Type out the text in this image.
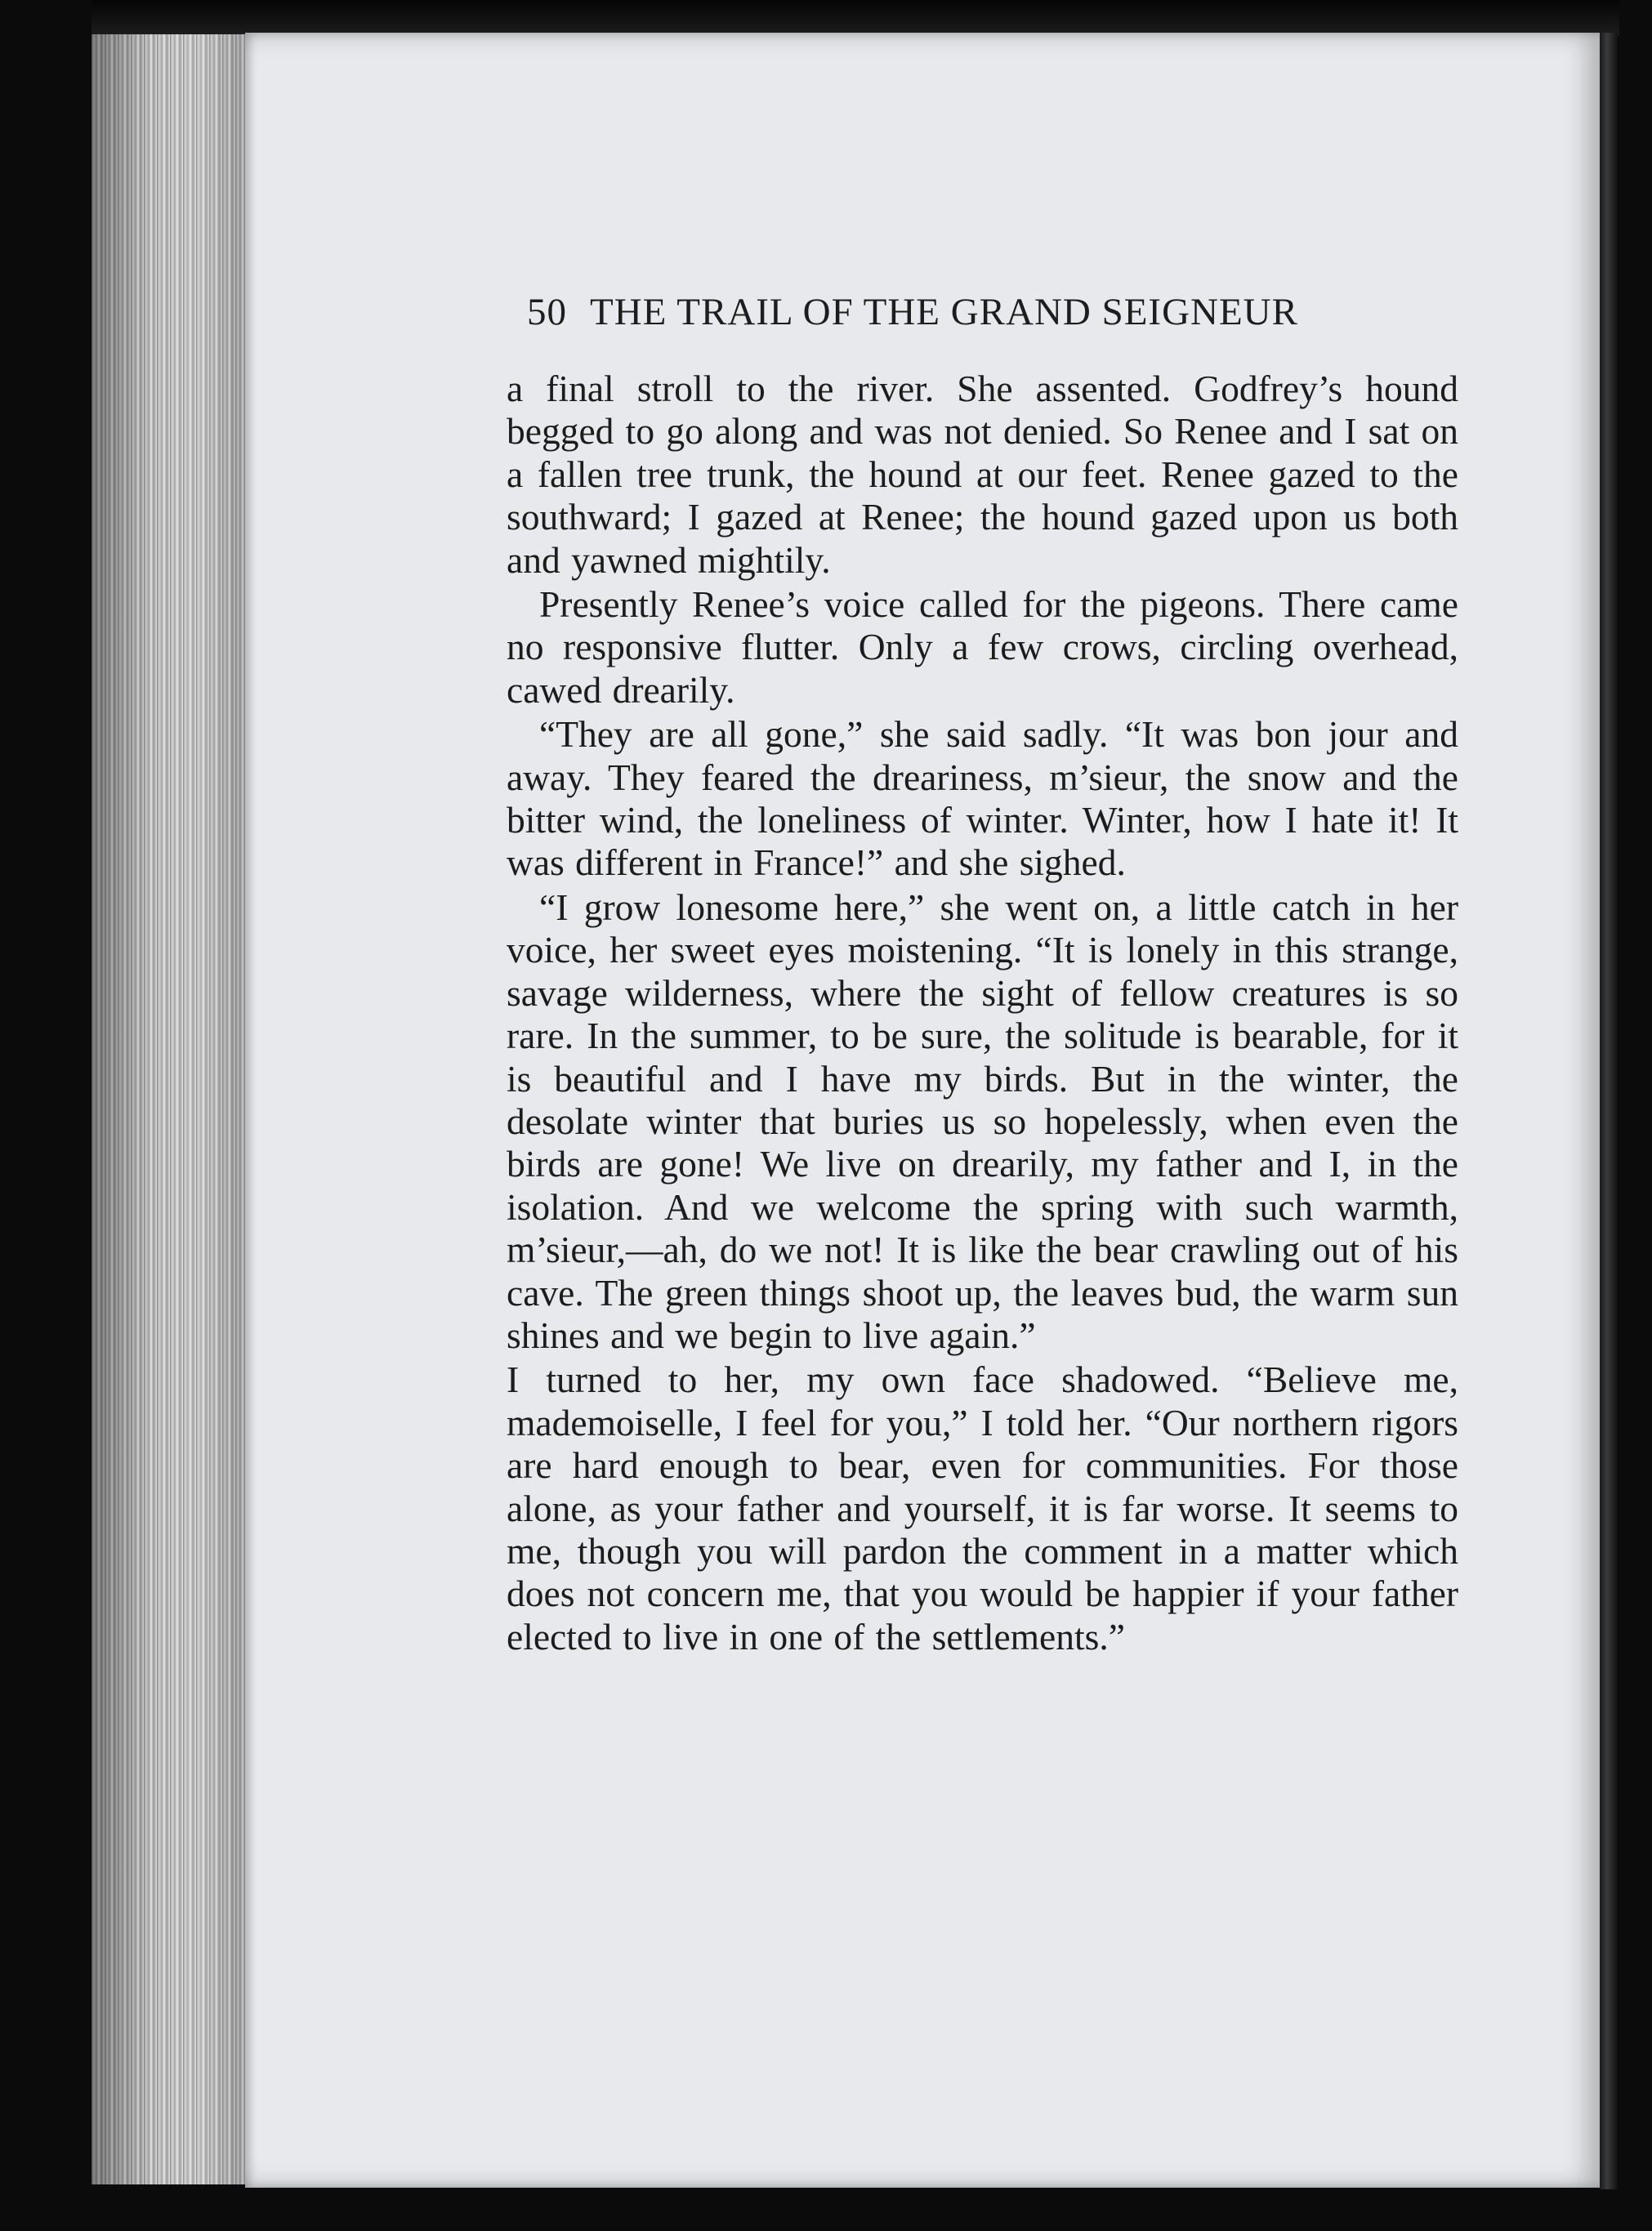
50 THE TRAIL OF THE GRAND SEIGNEUR

a final stroll to the river. She assented. Godfrey’s hound begged to go along and was not denied. So Renee and I sat on a fallen tree trunk, the hound at our feet. Renee gazed to the southward; I gazed at Renee; the hound gazed upon us both and yawned mightily.

Presently Renee’s voice called for the pigeons. There came no responsive flutter. Only a few crows, circling overhead, cawed drearily.

“They are all gone,” she said sadly. “It was bon jour and away. They feared the dreariness, m’sieur, the snow and the bitter wind, the loneliness of winter. Winter, how I hate it! It was different in France!” and she sighed.

“I grow lonesome here,” she went on, a little catch in her voice, her sweet eyes moistening. “It is lonely in this strange, savage wilderness, where the sight of fellow creatures is so rare. In the summer, to be sure, the solitude is bearable, for it is beautiful and I have my birds. But in the winter, the desolate winter that buries us so hopelessly, when even the birds are gone! We live on drearily, my father and I, in the isolation. And we welcome the spring with such warmth, m’sieur,—ah, do we not! It is like the bear crawling out of his cave. The green things shoot up, the leaves bud, the warm sun shines and we begin to live again.”

I turned to her, my own face shadowed. “Believe me, mademoiselle, I feel for you,” I told her. “Our northern rigors are hard enough to bear, even for communities. For those alone, as your father and yourself, it is far worse. It seems to me, though you will pardon the comment in a matter which does not concern me, that you would be happier if your father elected to live in one of the settlements.”
